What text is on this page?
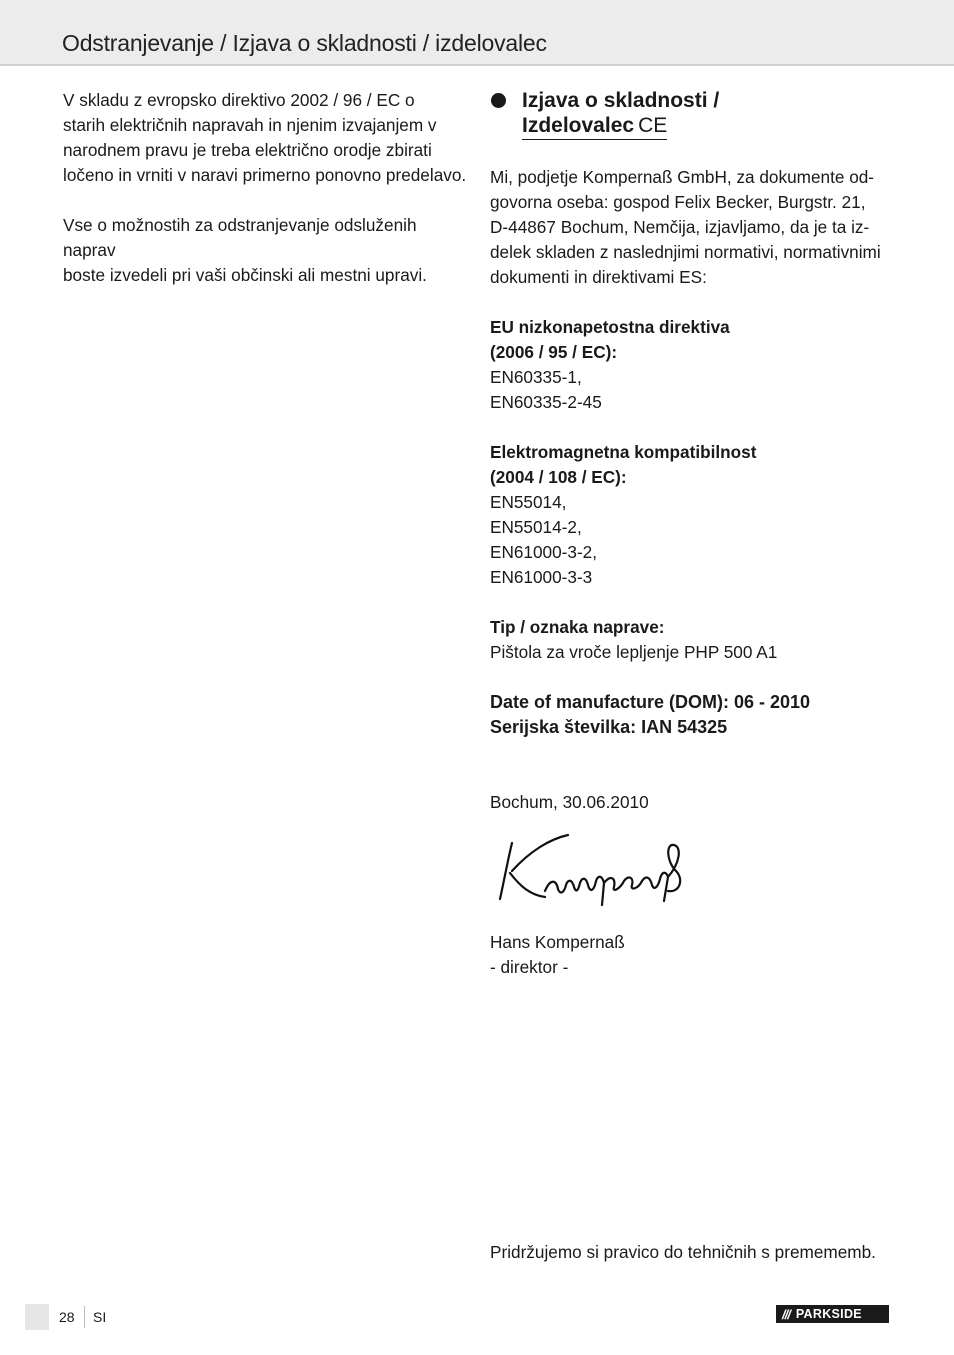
Odstranjevanje / Izjava o skladnosti / izdelovalec

V skladu z evropsko direktivo 2002 / 96 / EC o

starih električnih napravah in njenim izvajanjem v

narodnem pravu je treba električno orodje zbirati

ločeno in vrniti v naravi primerno ponovno predelavo.

Vse o možnostih za odstranjevanje odsluženih naprav

boste izvedeli pri vaši občinski ali mestni upravi.

Izjava o skladnosti /
Izdelovalec CE

Mi, podjetje Kompernaß GmbH, za dokumente od-

govorna oseba: gospod Felix Becker, Burgstr. 21,

D-44867 Bochum, Nemčija, izjavljamo, da je ta iz-

delek skladen z naslednjimi normativi, normativnimi

dokumenti in direktivami ES:

EU nizkonapetostna direktiva

(2006 / 95 / EC):

EN60335-1,

EN60335-2-45

Elektromagnetna kompatibilnost

(2004 / 108 / EC):

EN55014,

EN55014-2,

EN61000-3-2,

EN61000-3-3

Tip / oznaka naprave:

Pištola za vroče lepljenje PHP 500 A1

Date of manufacture (DOM): 06 - 2010

Serijska številka: IAN 54325

Bochum, 30.06.2010

Hans Kompernaß

- direktor -

Pridržujemo si pravico do tehničnih s premememb.

28 SI	/// PARKSIDE
